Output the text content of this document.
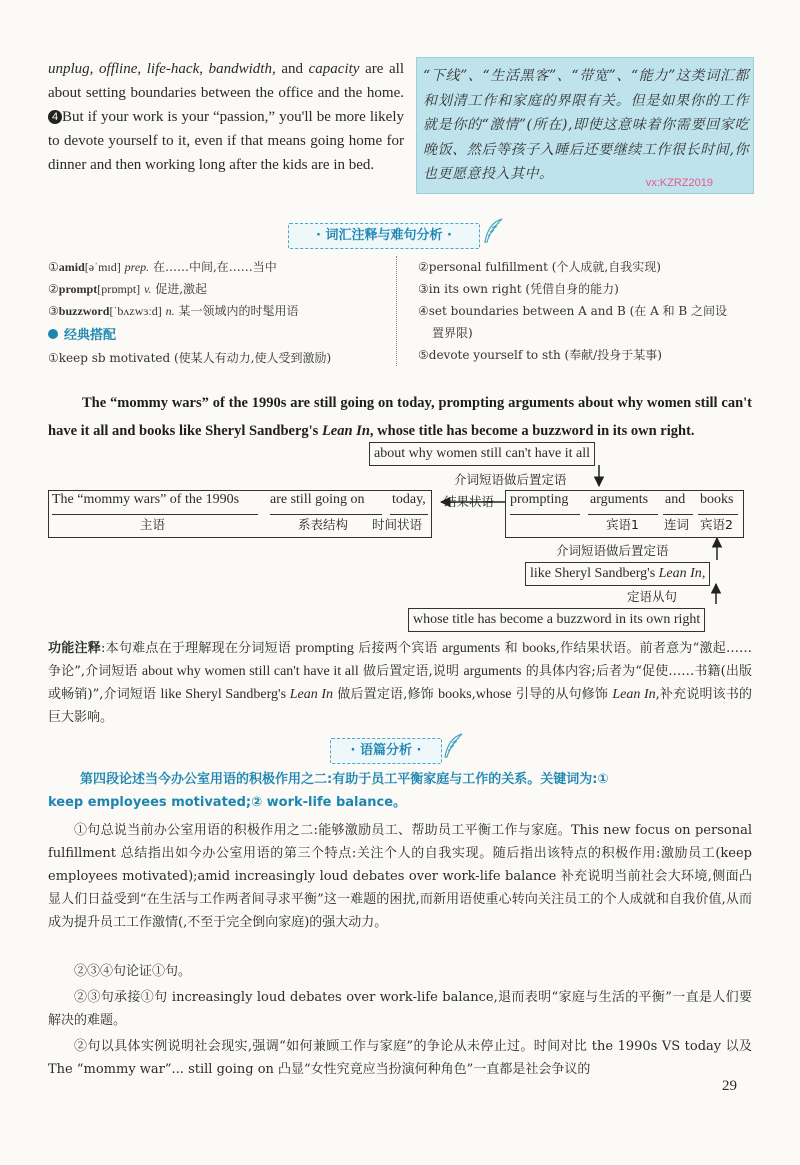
unplug, offline, life-hack, bandwidth, and capacity are all about setting boundaries between the office and the home. 4 But if your work is your “passion,” you'll be more likely to devote yourself to it, even if that means going home for dinner and then working long after the kids are in bed.
“下线”、“生活黑客”、“带宽”、“能力”这类词汇都和划清工作和家庭的界限有关。但是如果你的工作就是你的“激情”(所在),即使这意味着你需要回家吃晚饭、然后等孩子入睡后还要继续工作很长时间,你也更愿意投入其中。
vx:KZRZ2019
· 词汇注释与难句分析 ·
①amid[əˈmɪd] prep. 在……中间,在……当中
②prompt[prɒmpt] v. 促进,激起
③buzzword[ˈbʌzwɜːd] n. 某一领域内的时髦用语
经典搭配
①keep sb motivated (使某人有动力,使人受到激励)
②personal fulfillment (个人成就,自我实现)
③in its own right (凭借自身的能力)
④set boundaries between A and B (在 A 和 B 之间设
置界限)
⑤devote yourself to sth (奉献/投身于某事)
The “mommy wars” of the 1990s are still going on today, prompting arguments about why women still can't have it all and books like Sheryl Sandberg's Lean In, whose title has become a buzzword in its own right.
about why women still can't have it all
介词短语做后置定语
The “mommy wars” of the 1990s are still going on today,
主语	系表结构 时间状语
结果状语 prompting arguments and books
宾语1 连词 宾语2
介词短语做后置定语
like Sheryl Sandberg's Lean In,
定语从句
whose title has become a buzzword in its own right
功能注释:本句难点在于理解现在分词短语 prompting 后接两个宾语 arguments 和 books,作结果状语。前者意为“激起……争论”,介词短语 about why women still can't have it all 做后置定语,说明 arguments 的具体内容;后者为“促使……书籍(出版或畅销)”,介词短语 like Sheryl Sandberg's Lean In 做后置定语,修饰 books,whose 引导的从句修饰 Lean In,补充说明该书的巨大影响。
· 语篇分析 ·
第四段论述当今办公室用语的积极作用之二:有助于员工平衡家庭与工作的关系。关键词为:①
keep employees motivated;② work-life balance。
①句总说当前办公室用语的积极作用之二:能够激励员工、帮助员工平衡工作与家庭。This new focus on personal fulfillment 总结指出如今办公室用语的第三个特点:关注个人的自我实现。随后指出该特点的积极作用:激励员工(keep employees motivated);amid increasingly loud debates over work-life balance 补充说明当前社会大环境,侧面凸显人们日益受到“在生活与工作两者间寻求平衡”这一难题的困扰,而新用语使重心转向关注员工的个人成就和自我价值,从而成为提升员工工作激情(,不至于完全倒向家庭)的强大动力。
②③④句论证①句。
②③句承接①句 increasingly loud debates over work-life balance,退而表明“家庭与生活的平衡”一直是人们要解决的难题。
②句以具体实例说明社会现实,强调“如何兼顾工作与家庭”的争论从未停止过。时间对比 the 1990s VS today 以及 The “mommy war”... still going on 凸显“女性究竟应当扮演何种角色”一直都是社会争议的
29
